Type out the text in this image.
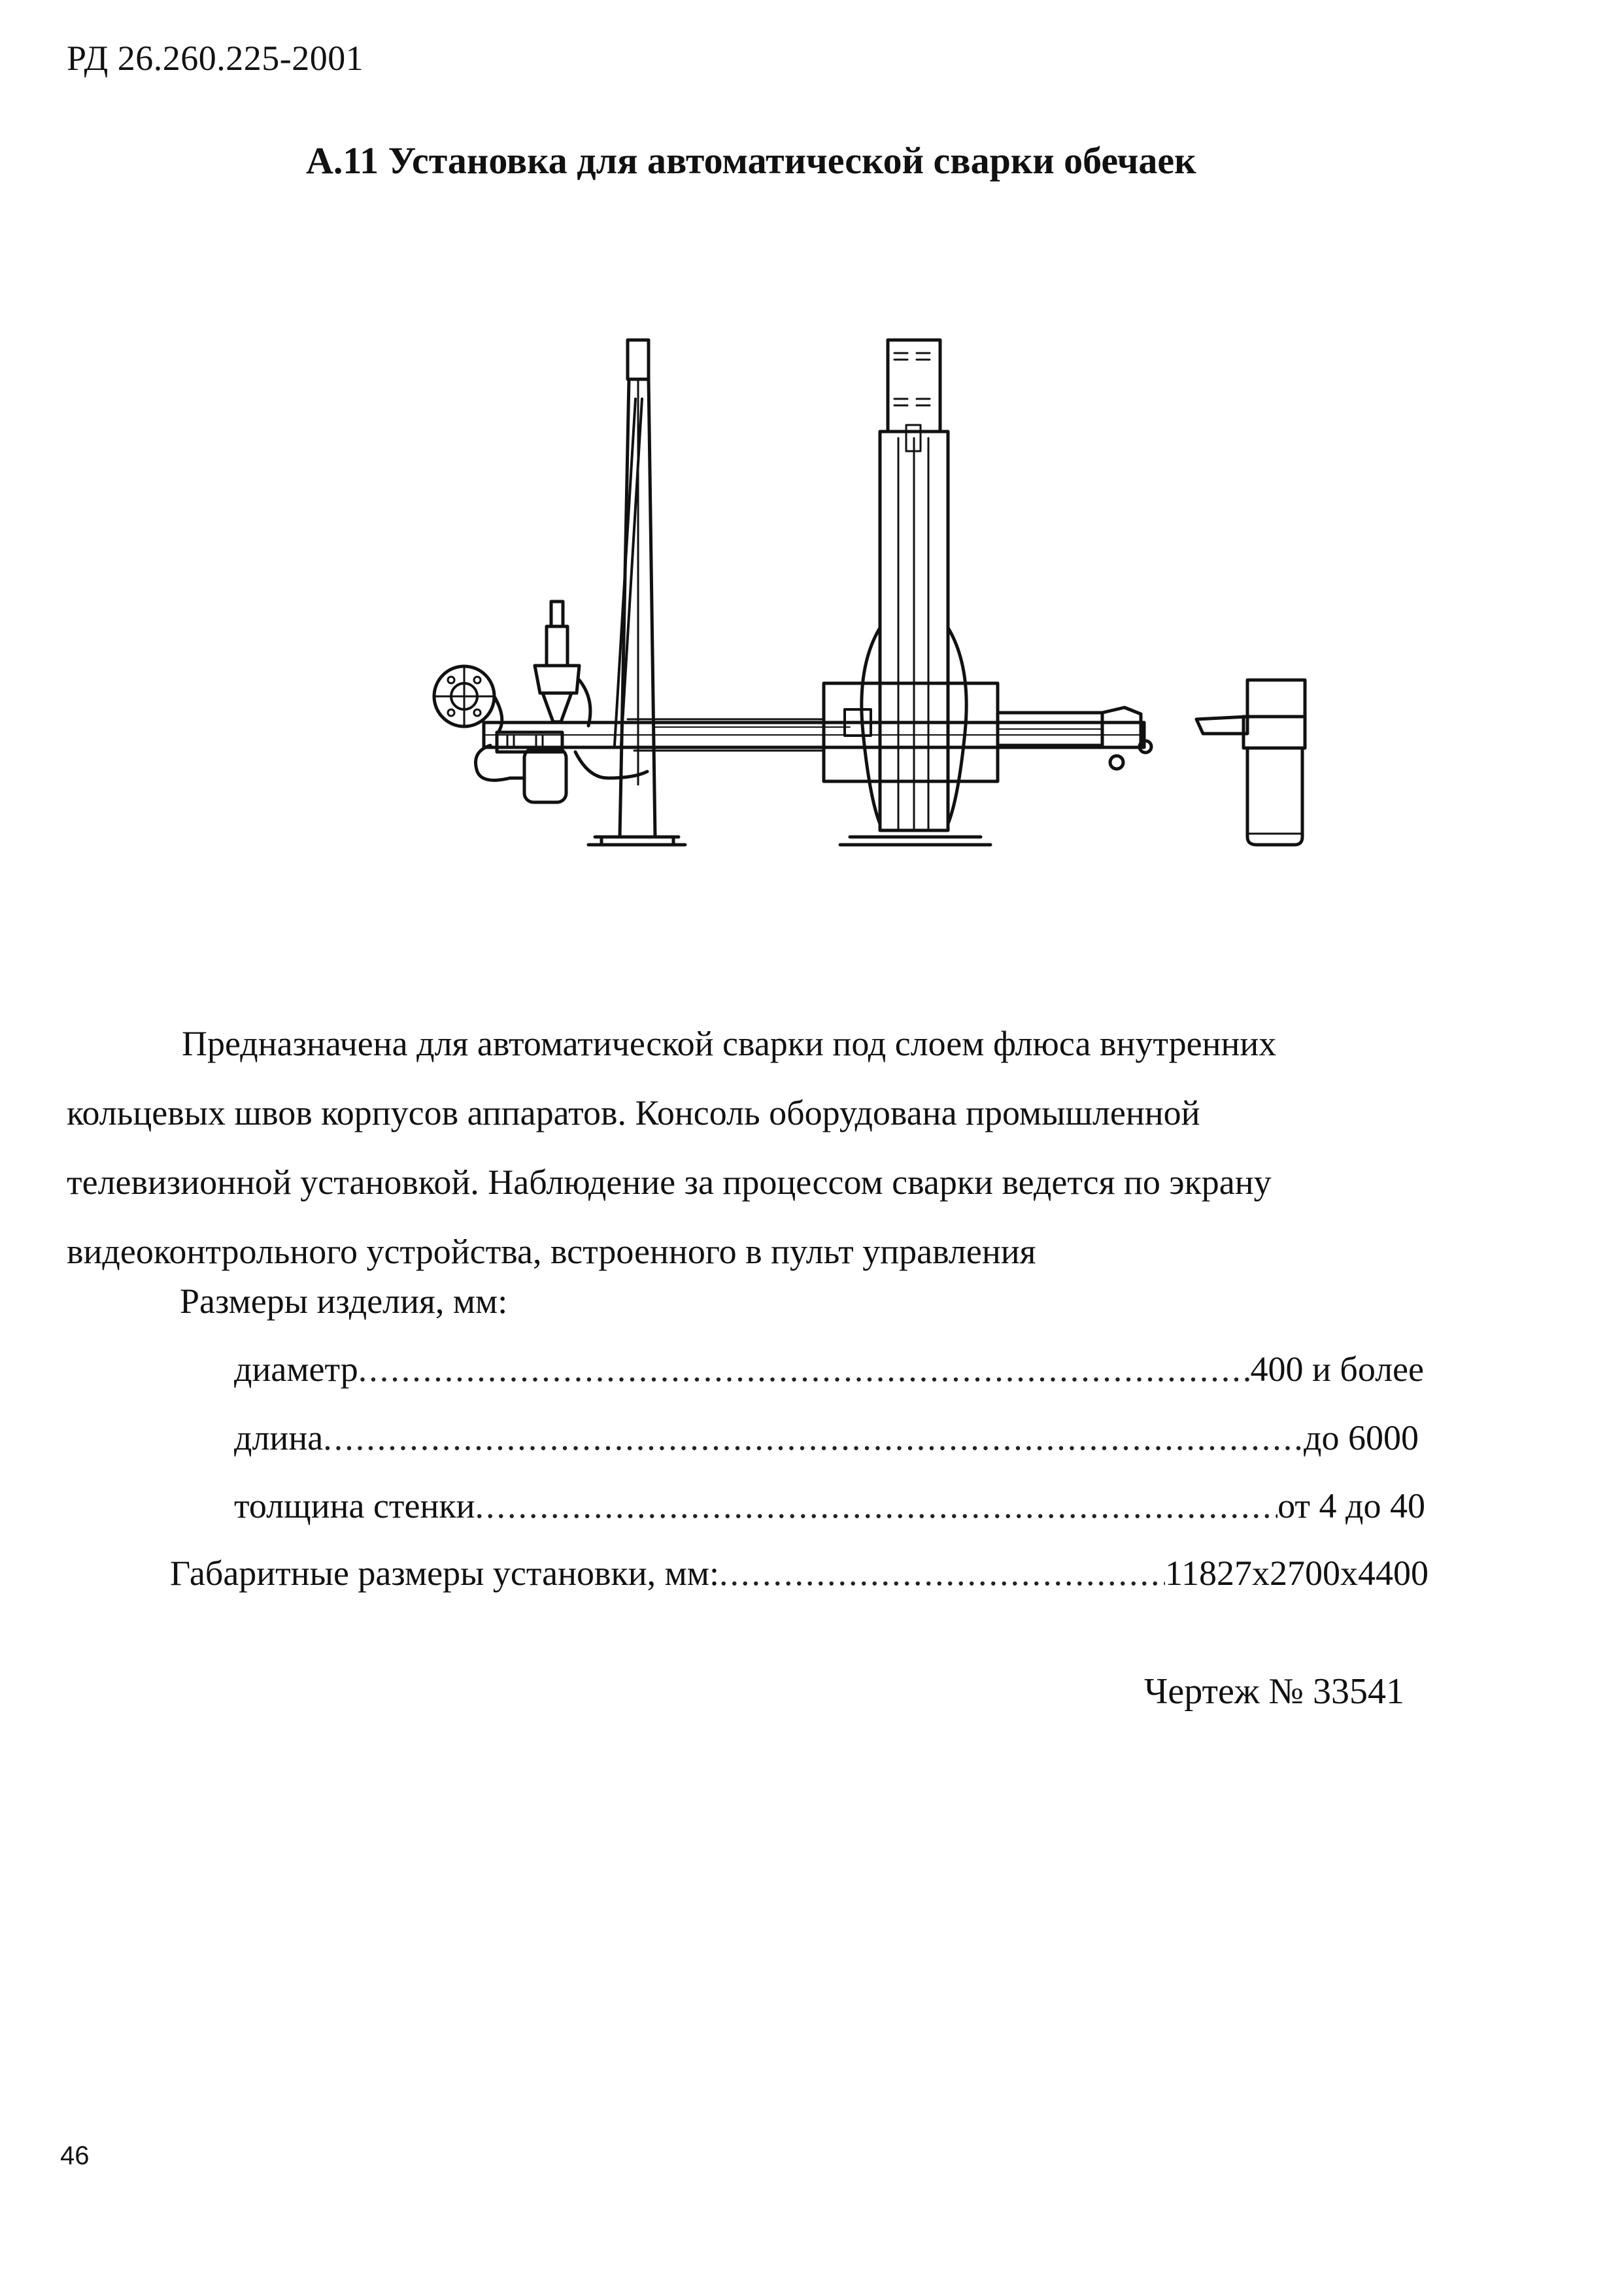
РД 26.260.225-2001
А.11 Установка для автоматической сварки обечаек
Предназначена для автоматической сварки под слоем флюса внутренних
кольцевых швов корпусов аппаратов. Консоль оборудована промышленной
телевизионной установкой. Наблюдение за процессом сварки ведется по экрану
видеоконтрольного устройства, встроенного в пульт управления
Размеры изделия, мм:
диаметр .....	400 и более
длина .....	до 6000
толщина стенки .....	от 4 до 40
Габаритные размеры установки, мм: .....	11827x2700x4400
Чертеж № 33541
46
